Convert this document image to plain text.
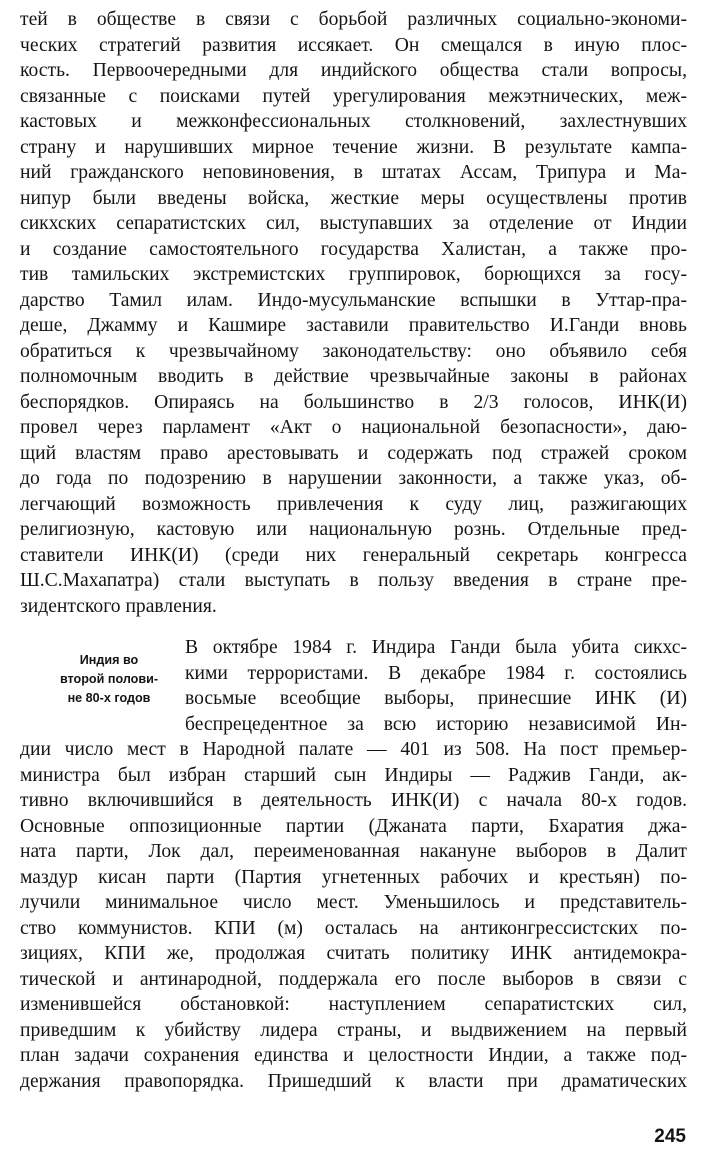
тей в обществе в связи с борьбой различных социально-экономи-
ческих стратегий развития иссякает. Он смещался в иную плос-
кость. Первоочередными для индийского общества стали вопросы,
связанные с поисками путей урегулирования межэтнических, меж-
кастовых и межконфессиональных столкновений, захлестнувших
страну и нарушивших мирное течение жизни. В результате кампа-
ний гражданского неповиновения, в штатах Ассам, Трипура и Ма-
нипур были введены войска, жесткие меры осуществлены против
сикхских сепаратистских сил, выступавших за отделение от Индии
и создание самостоятельного государства Халистан, а также про-
тив тамильских экстремистских группировок, борющихся за госу-
дарство Тамил илам. Индо-мусульманские вспышки в Уттар-пра-
деше, Джамму и Кашмире заставили правительство И.Ганди вновь
обратиться к чрезвычайному законодательству: оно объявило себя
полномочным вводить в действие чрезвычайные законы в районах
беспорядков. Опираясь на большинство в 2/3 голосов, ИНК(И)
провел через парламент «Акт о национальной безопасности», даю-
щий властям право арестовывать и содержать под стражей сроком
до года по подозрению в нарушении законности, а также указ, об-
легчающий возможность привлечения к суду лиц, разжигающих
религиозную, кастовую или национальную рознь. Отдельные пред-
ставители ИНК(И) (среди них генеральный секретарь конгресса
Ш.С.Махапатра) стали выступать в пользу введения в стране пре-
зидентского правления.
Индия во
второй полови-
не 80-х годов
В октябре 1984 г. Индира Ганди была убита сикхс-
кими террористами. В декабре 1984 г. состоялись
восьмые всеобщие выборы, принесшие ИНК (И)
беспрецедентное за всю историю независимой Ин-
дии число мест в Народной палате — 401 из 508. На пост премьер-
министра был избран старший сын Индиры — Раджив Ганди, ак-
тивно включившийся в деятельность ИНК(И) с начала 80-х годов.
Основные оппозиционные партии (Джаната парти, Бхаратия джа-
ната парти, Лок дал, переименованная накануне выборов в Далит
маздур кисан парти (Партия угнетенных рабочих и крестьян) по-
лучили минимальное число мест. Уменьшилось и представитель-
ство коммунистов. КПИ (м) осталась на антиконгрессистских по-
зициях, КПИ же, продолжая считать политику ИНК антидемокра-
тической и антинародной, поддержала его после выборов в связи с
изменившейся обстановкой: наступлением сепаратистских сил,
приведшим к убийству лидера страны, и выдвижением на первый
план задачи сохранения единства и целостности Индии, а также под-
держания правопорядка. Пришедший к власти при драматических
245
